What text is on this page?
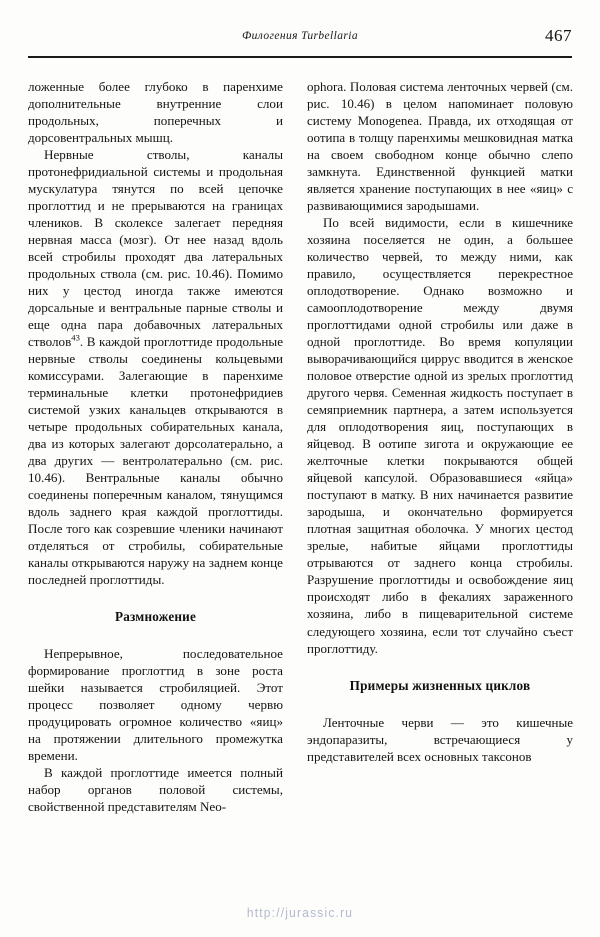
Филогения Turbellaria	467

ложенные более глубоко в паренхиме дополнительные внутренние слои продольных, поперечных и дорсовентральных мышц.

Нервные стволы, каналы протонефридиальной системы и продольная мускулатура тянутся по всей цепочке проглоттид и не прерываются на границах члеников. В сколексе залегает передняя нервная масса (мозг). От нее назад вдоль всей стробилы проходят два латеральных продольных ствола (см. рис. 10.46). Помимо них у цестод иногда также имеются дорсальные и вентральные парные стволы и еще одна пара добавочных латеральных стволов$^{43}$. В каждой проглоттиде продольные нервные стволы соединены кольцевыми комиссурами. Залегающие в паренхиме терминальные клетки протонефридиев системой узких канальцев открываются в четыре продольных собирательных канала, два из которых залегают дорсолатерально, а два других — вентролатерально (см. рис. 10.46). Вентральные каналы обычно соединены поперечным каналом, тянущимся вдоль заднего края каждой проглоттиды. После того как созревшие членики начинают отделяться от стробилы, собирательные каналы открываются наружу на заднем конце последней проглоттиды.

Размножение

Непрерывное, последовательное формирование проглоттид в зоне роста шейки называется стробиляцией. Этот процесс позволяет одному червю продуцировать огромное количество «яиц» на протяжении длительного промежутка времени.

В каждой проглоттиде имеется полный набор органов половой системы, свойственной представителям Neo-

ophora. Половая система ленточных червей (см. рис. 10.46) в целом напоминает половую систему Monogenea. Правда, их отходящая от оотипа в толщу паренхимы мешковидная матка на своем свободном конце обычно слепо замкнута. Единственной функцией матки является хранение поступающих в нее «яиц» с развивающимися зародышами.

По всей видимости, если в кишечнике хозяина поселяется не один, а большее количество червей, то между ними, как правило, осуществляется перекрестное оплодотворение. Однако возможно и самооплодотворение между двумя проглоттидами одной стробилы или даже в одной проглоттиде. Во время копуляции выворачивающийся циррус вводится в женское половое отверстие одной из зрелых проглоттид другого червя. Семенная жидкость поступает в семяприемник партнера, а затем используется для оплодотворения яиц, поступающих в яйцевод. В оотипе зигота и окружающие ее желточные клетки покрываются общей яйцевой капсулой. Образовавшиеся «яйца» поступают в матку. В них начинается развитие зародыша, и окончательно формируется плотная защитная оболочка. У многих цестод зрелые, набитые яйцами проглоттиды отрываются от заднего конца стробилы. Разрушение проглоттиды и освобождение яиц происходят либо в фекалиях зараженного хозяина, либо в пищеварительной системе следующего хозяина, если тот случайно съест проглоттиду.

Примеры жизненных циклов

Ленточные черви — это кишечные эндопаразиты, встречающиеся у представителей всех основных таксонов

http://jurassic.ru
